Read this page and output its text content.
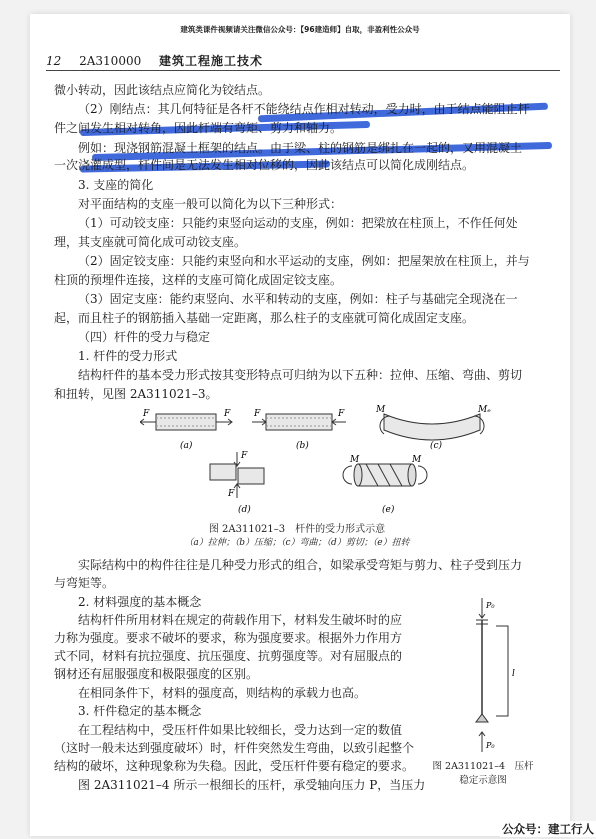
建筑类课件视频请关注微信公众号：【96建造师】自取，非盈利性公众号
12 2A310000 建筑工程施工技术
微小转动，因此该结点应简化为铰结点。
（2）刚结点：其几何特征是各杆不能绕结点作相对转动，受力时，由于结点能阻止杆
件之间发生相对转角，因此杆端有弯矩、剪力和轴力。
例如：现浇钢筋混凝土框架的结点。由于梁、柱的钢筋是绑扎在一起的，又用混凝土
一次浇灌成型，杆件间是无法发生相对位移的，因此该结点可以简化成刚结点。
3. 支座的简化
对平面结构的支座一般可以简化为以下三种形式：
（1）可动铰支座：只能约束竖向运动的支座，例如：把梁放在柱顶上，不作任何处
理，其支座就可简化成可动铰支座。
（2）固定铰支座：只能约束竖向和水平运动的支座，例如：把屋架放在柱顶上，并与
柱顶的预埋件连接，这样的支座可简化成固定铰支座。
（3）固定支座：能约束竖向、水平和转动的支座，例如：柱子与基础完全现浇在一
起，而且柱子的钢筋插入基础一定距离，那么柱子的支座就可简化成固定支座。
（四）杆件的受力与稳定
1. 杆件的受力形式
结构杆件的基本受力形式按其变形特点可归纳为以下五种：拉伸、压缩、弯曲、剪切
和扭转，见图 2A311021–3。
F	F
(a)
F	F
(b)
M	Mₑ
(c)
F
F
(d)
M	M
(e)
图 2A311021–3　杆件的受力形式示意
（a）拉伸；（b）压缩；（c）弯曲；（d）剪切；（e）扭转
实际结构中的构件往往是几种受力形式的组合，如梁承受弯矩与剪力、柱子受到压力
与弯矩等。
2. 材料强度的基本概念
结构杆件所用材料在规定的荷载作用下，材料发生破坏时的应
力称为强度。要求不破坏的要求，称为强度要求。根据外力作用方
式不同，材料有抗拉强度、抗压强度、抗剪强度等。对有屈服点的
钢材还有屈服强度和极限强度的区别。
在相同条件下，材料的强度高，则结构的承载力也高。
3. 杆件稳定的基本概念
在工程结构中，受压杆件如果比较细长，受力达到一定的数值
（这时一般未达到强度破坏）时，杆件突然发生弯曲，以致引起整个
结构的破坏，这种现象称为失稳。因此，受压杆件要有稳定的要求。
图 2A311021–4 所示一根细长的压杆，承受轴向压力 P，当压力
P₀
l
P₀
图 2A311021–4　压杆
稳定示意图
公众号：建工行人
